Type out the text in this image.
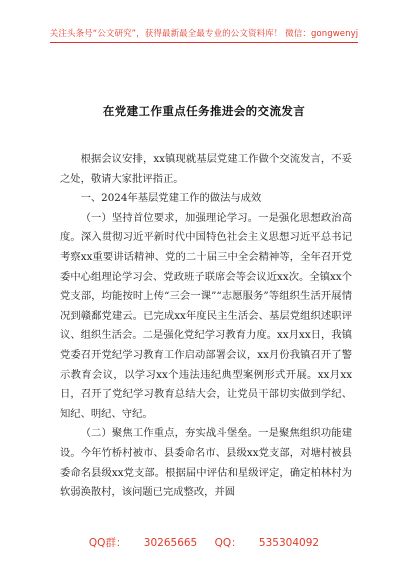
关注头条号“公文研究”，获得最新最全最专业的公文资料库！ 微信：gongwenyj
在党建工作重点任务推进会的交流发言

根据会议安排，xx镇现就基层党建工作做个交流发言，不妥之处，敬请大家批评指正。

一、2024年基层党建工作的做法与成效

（一）坚持首位要求，加强理论学习。一是强化思想政治高度。深入贯彻习近平新时代中国特色社会主义思想习近平总书记考察xx重要讲话精神、党的二十届三中全会精神等，全年召开党委中心组理论学习会、党政班子联席会等会议近xx次。全镇xx个党支部，均能按时上传“三会一课”“志愿服务”等组织生活开展情况到赣鄱党建云。已完成xx年度民主生活会、基层党组织述职评议、组织生活会。二是强化党纪学习教育力度。xx月xx日，我镇党委召开党纪学习教育工作启动部署会议，xx月份我镇召开了警示教育会议，以学习xx个违法违纪典型案例形式开展。xx月xx日，召开了党纪学习教育总结大会，让党员干部切实做到学纪、知纪、明纪、守纪。

（二）聚焦工作重点，夯实战斗堡垒。一是聚焦组织功能建设。今年竹桥村被市、县委命名市、县级xx党支部，对塘村被县委命名县级xx党支部。根据届中评估和星级评定，确定柏林村为软弱涣散村，该问题已完成整改，并圆

QQ群： 30265665 QQ： 535304092
